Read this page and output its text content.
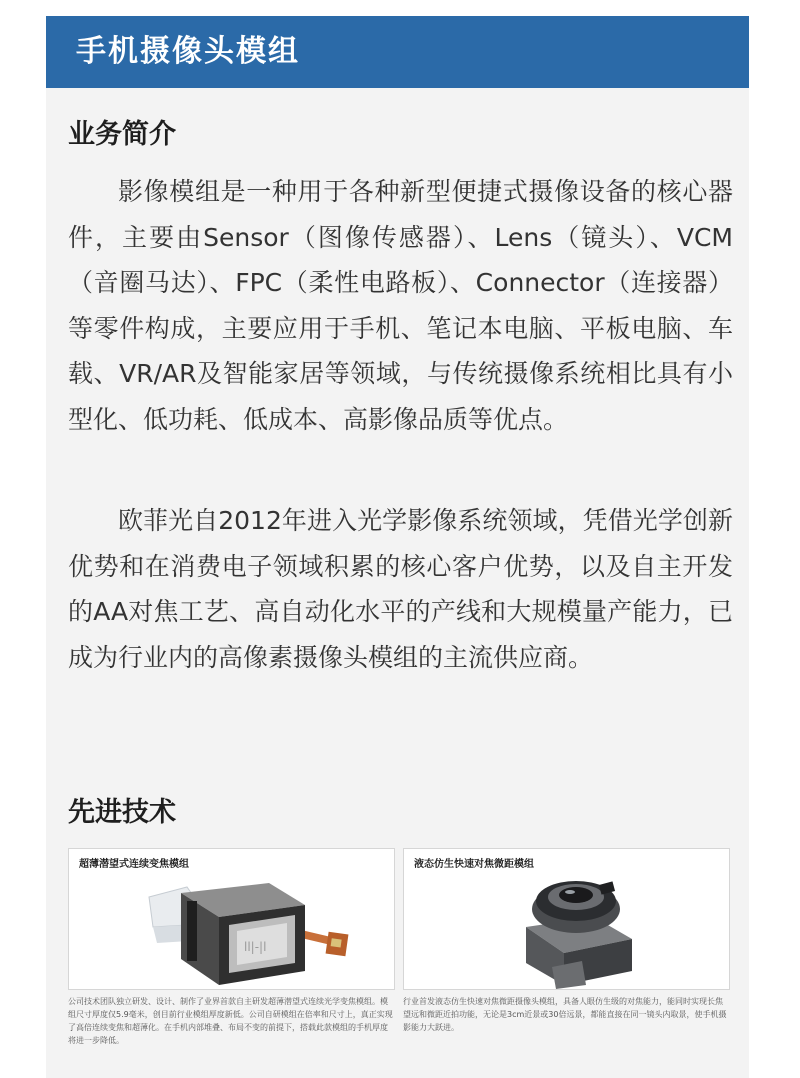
手机摄像头模组
业务简介

影像模组是一种用于各种新型便捷式摄像设备的核心器件，主要由Sensor（图像传感器）、Lens（镜头）、VCM（音圈马达）、FPC（柔性电路板）、Connector（连接器）等零件构成，主要应用于手机、笔记本电脑、平板电脑、车载、VR/AR及智能家居等领域，与传统摄像系统相比具有小型化、低功耗、低成本、高影像品质等优点。

欧菲光自2012年进入光学影像系统领域，凭借光学创新优势和在消费电子领域积累的核心客户优势，以及自主开发的AA对焦工艺、高自动化水平的产线和大规模量产能力，已成为行业内的高像素摄像头模组的主流供应商。

先进技术
超薄潜望式连续变焦模组
ll|-|l
液态仿生快速对焦微距模组

公司技术团队独立研发、设计、制作了业界首款自主研发超薄潜望式连续光学变焦模组。模组尺寸厚度仅5.9毫米，创目前行业模组厚度新低。公司自研模组在倍率和尺寸上，真正实现了高倍连续变焦和超薄化。在手机内部堆叠、布局不变的前提下，搭载此款模组的手机厚度将进一步降低。

行业首发液态仿生快速对焦微距摄像头模组，具备人眼仿生级的对焦能力，能同时实现长焦望远和微距近拍功能，无论是3cm近景或30倍远景，都能直接在同一镜头内取景，使手机摄影能力大跃进。
